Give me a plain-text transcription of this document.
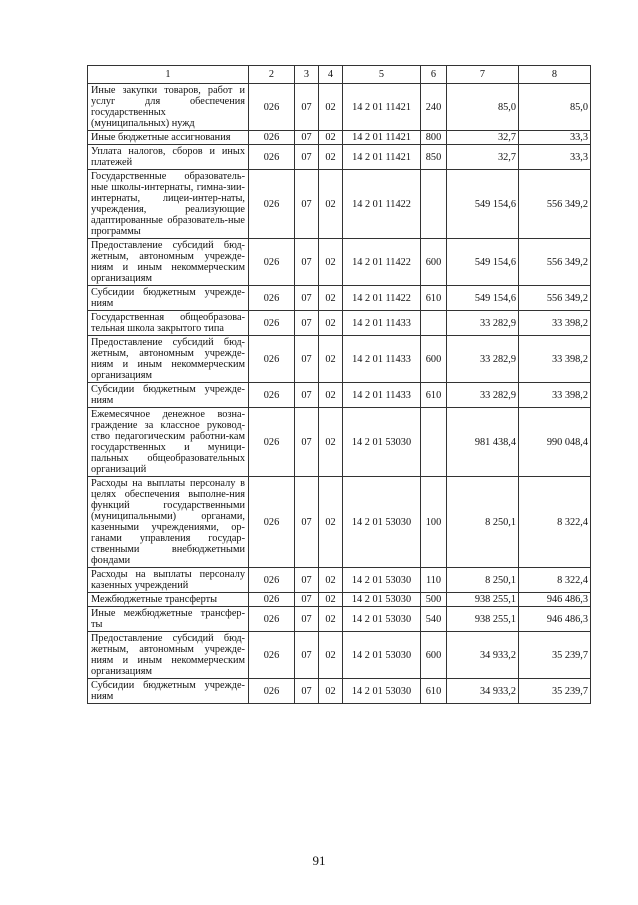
1	2	3	4	5	6	7	8
Иные закупки товаров, работ и услуг для обеспечения государственных (муниципальных) нужд	026	07	02	14 2 01 11421	240	85,0	85,0
Иные бюджетные ассигнования	026	07	02	14 2 01 11421	800	32,7	33,3
Уплата налогов, сборов и иных платежей	026	07	02	14 2 01 11421	850	32,7	33,3
Государственные образователь-ные школы-интернаты, гимна-зии-интернаты, лицеи-интер-наты, учреждения, реализующие адаптированные образователь-ные программы	026	07	02	14 2 01 11422		549 154,6	556 349,2
Предоставление субсидий бюд-жетным, автономным учрежде-ниям и иным некоммерческим организациям	026	07	02	14 2 01 11422	600	549 154,6	556 349,2
Субсидии бюджетным учрежде-ниям	026	07	02	14 2 01 11422	610	549 154,6	556 349,2
Государственная общеобразова-тельная школа закрытого типа	026	07	02	14 2 01 11433		33 282,9	33 398,2
Предоставление субсидий бюд-жетным, автономным учрежде-ниям и иным некоммерческим организациям	026	07	02	14 2 01 11433	600	33 282,9	33 398,2
Субсидии бюджетным учрежде-ниям	026	07	02	14 2 01 11433	610	33 282,9	33 398,2
Ежемесячное денежное возна-граждение за классное руковод-ство педагогическим работни-кам государственных и муници-пальных общеобразовательных организаций	026	07	02	14 2 01 53030		981 438,4	990 048,4
Расходы на выплаты персоналу в целях обеспечения выполне-ния функций государственными (муниципальными) органами, казенными учреждениями, ор-ганами управления государ-ственными внебюджетными фондами	026	07	02	14 2 01 53030	100	8 250,1	8 322,4
Расходы на выплаты персоналу казенных учреждений	026	07	02	14 2 01 53030	110	8 250,1	8 322,4
Межбюджетные трансферты	026	07	02	14 2 01 53030	500	938 255,1	946 486,3
Иные межбюджетные трансфер-ты	026	07	02	14 2 01 53030	540	938 255,1	946 486,3
Предоставление субсидий бюд-жетным, автономным учрежде-ниям и иным некоммерческим организациям	026	07	02	14 2 01 53030	600	34 933,2	35 239,7
Субсидии бюджетным учрежде-ниям	026	07	02	14 2 01 53030	610	34 933,2	35 239,7
91
